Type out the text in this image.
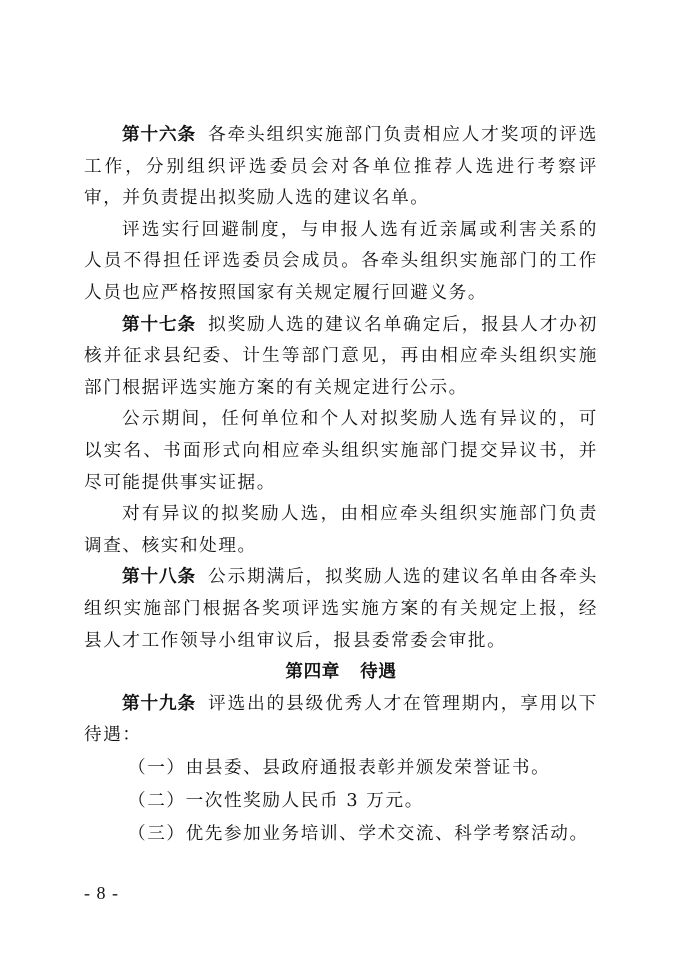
第十六条 各牵头组织实施部门负责相应人才奖项的评选工作，分别组织评选委员会对各单位推荐人选进行考察评审，并负责提出拟奖励人选的建议名单。

评选实行回避制度，与申报人选有近亲属或利害关系的人员不得担任评选委员会成员。各牵头组织实施部门的工作人员也应严格按照国家有关规定履行回避义务。

第十七条 拟奖励人选的建议名单确定后，报县人才办初核并征求县纪委、计生等部门意见，再由相应牵头组织实施部门根据评选实施方案的有关规定进行公示。

公示期间，任何单位和个人对拟奖励人选有异议的，可以实名、书面形式向相应牵头组织实施部门提交异议书，并尽可能提供事实证据。

对有异议的拟奖励人选，由相应牵头组织实施部门负责调查、核实和处理。

第十八条 公示期满后，拟奖励人选的建议名单由各牵头组织实施部门根据各奖项评选实施方案的有关规定上报，经县人才工作领导小组审议后，报县委常委会审批。

第四章   待遇

第十九条 评选出的县级优秀人才在管理期内，享用以下待遇：

（一）由县委、县政府通报表彰并颁发荣誉证书。

（二）一次性奖励人民币 3 万元。

（三）优先参加业务培训、学术交流、科学考察活动。

- 8 -
